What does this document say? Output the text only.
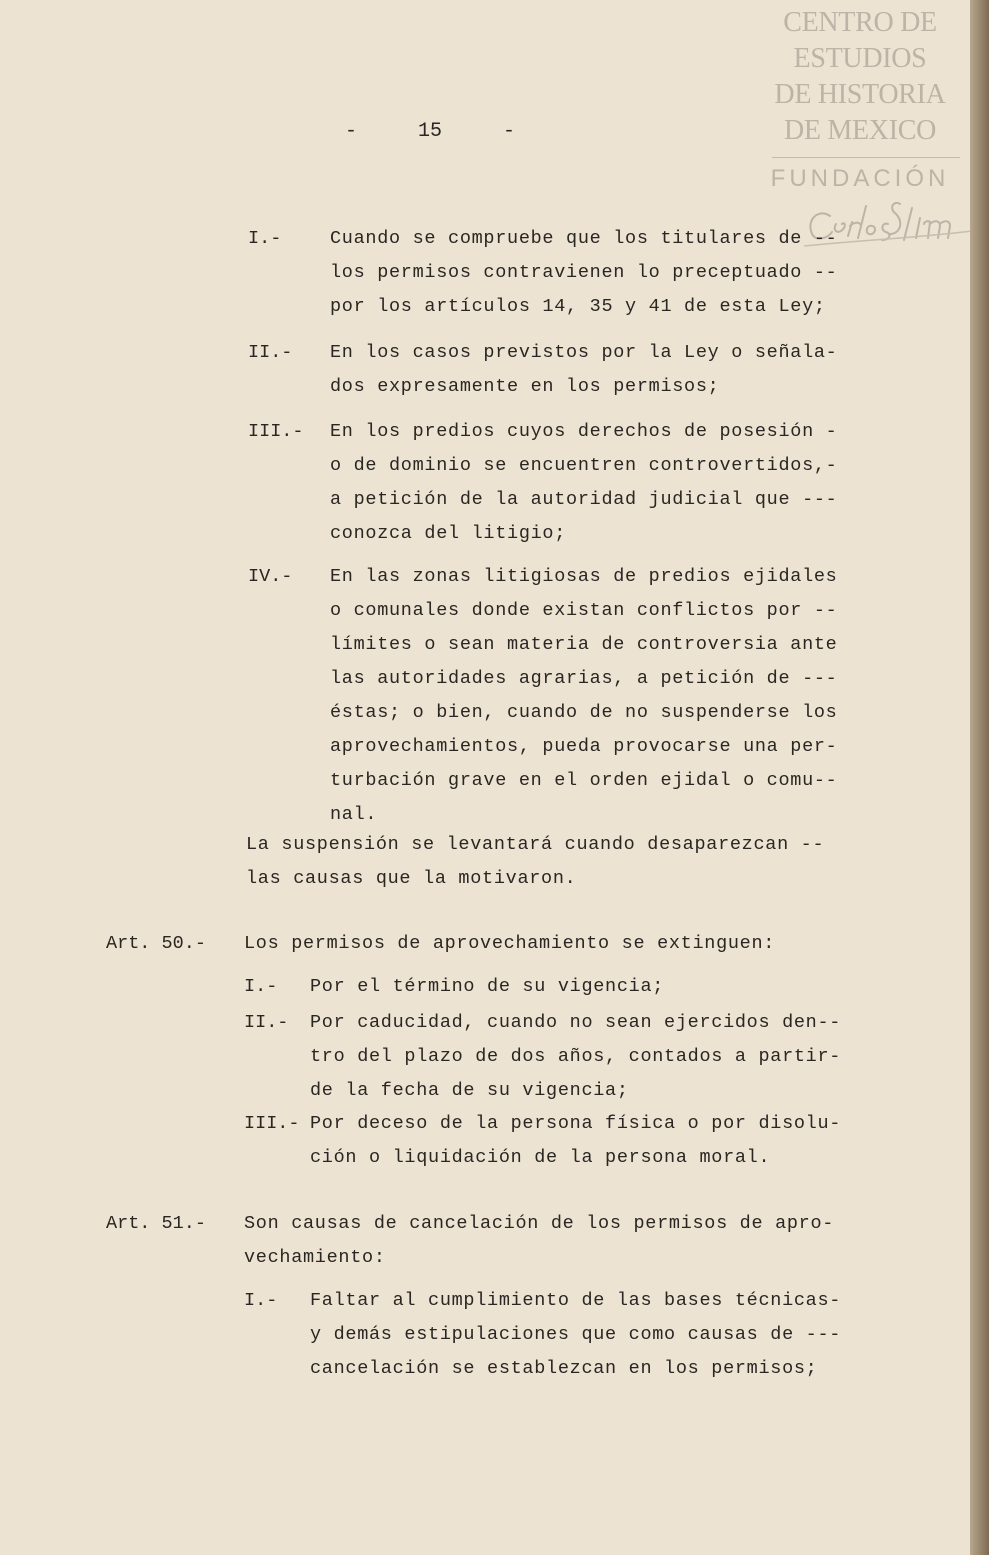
CENTRO DE
ESTUDIOS
DE HISTORIA
DE MEXICO
FUNDACIÓN
-	15	-
I.-	Cuando se compruebe que los titulares de --
los permisos contravienen lo preceptuado --
por los artículos 14, 35 y 41 de esta Ley;
II.- En los casos previstos por la Ley o señala-
dos expresamente en los permisos;
III.- En los predios cuyos derechos de posesión -
o de dominio se encuentren controvertidos,-
a petición de la autoridad judicial que ---
conozca del litigio;
IV.- En las zonas litigiosas de predios ejidales
o comunales donde existan conflictos por --
límites o sean materia de controversia ante
las autoridades agrarias, a petición de ---
éstas; o bien, cuando de no suspenderse los
aprovechamientos, pueda provocarse una per-
turbación grave en el orden ejidal o comu--
nal.
La suspensión se levantará cuando desaparezcan --
las causas que la motivaron.
Art. 50.- Los permisos de aprovechamiento se extinguen:
I.- Por el término de su vigencia;
II.- Por caducidad, cuando no sean ejercidos den--
tro del plazo de dos años, contados a partir-
de la fecha de su vigencia;
III.- Por deceso de la persona física o por disolu-
ción o liquidación de la persona moral.
Art. 51.- Son causas de cancelación de los permisos de apro-
vechamiento:
I.- Faltar al cumplimiento de las bases técnicas-
y demás estipulaciones que como causas de ---
cancelación se establezcan en los permisos;
